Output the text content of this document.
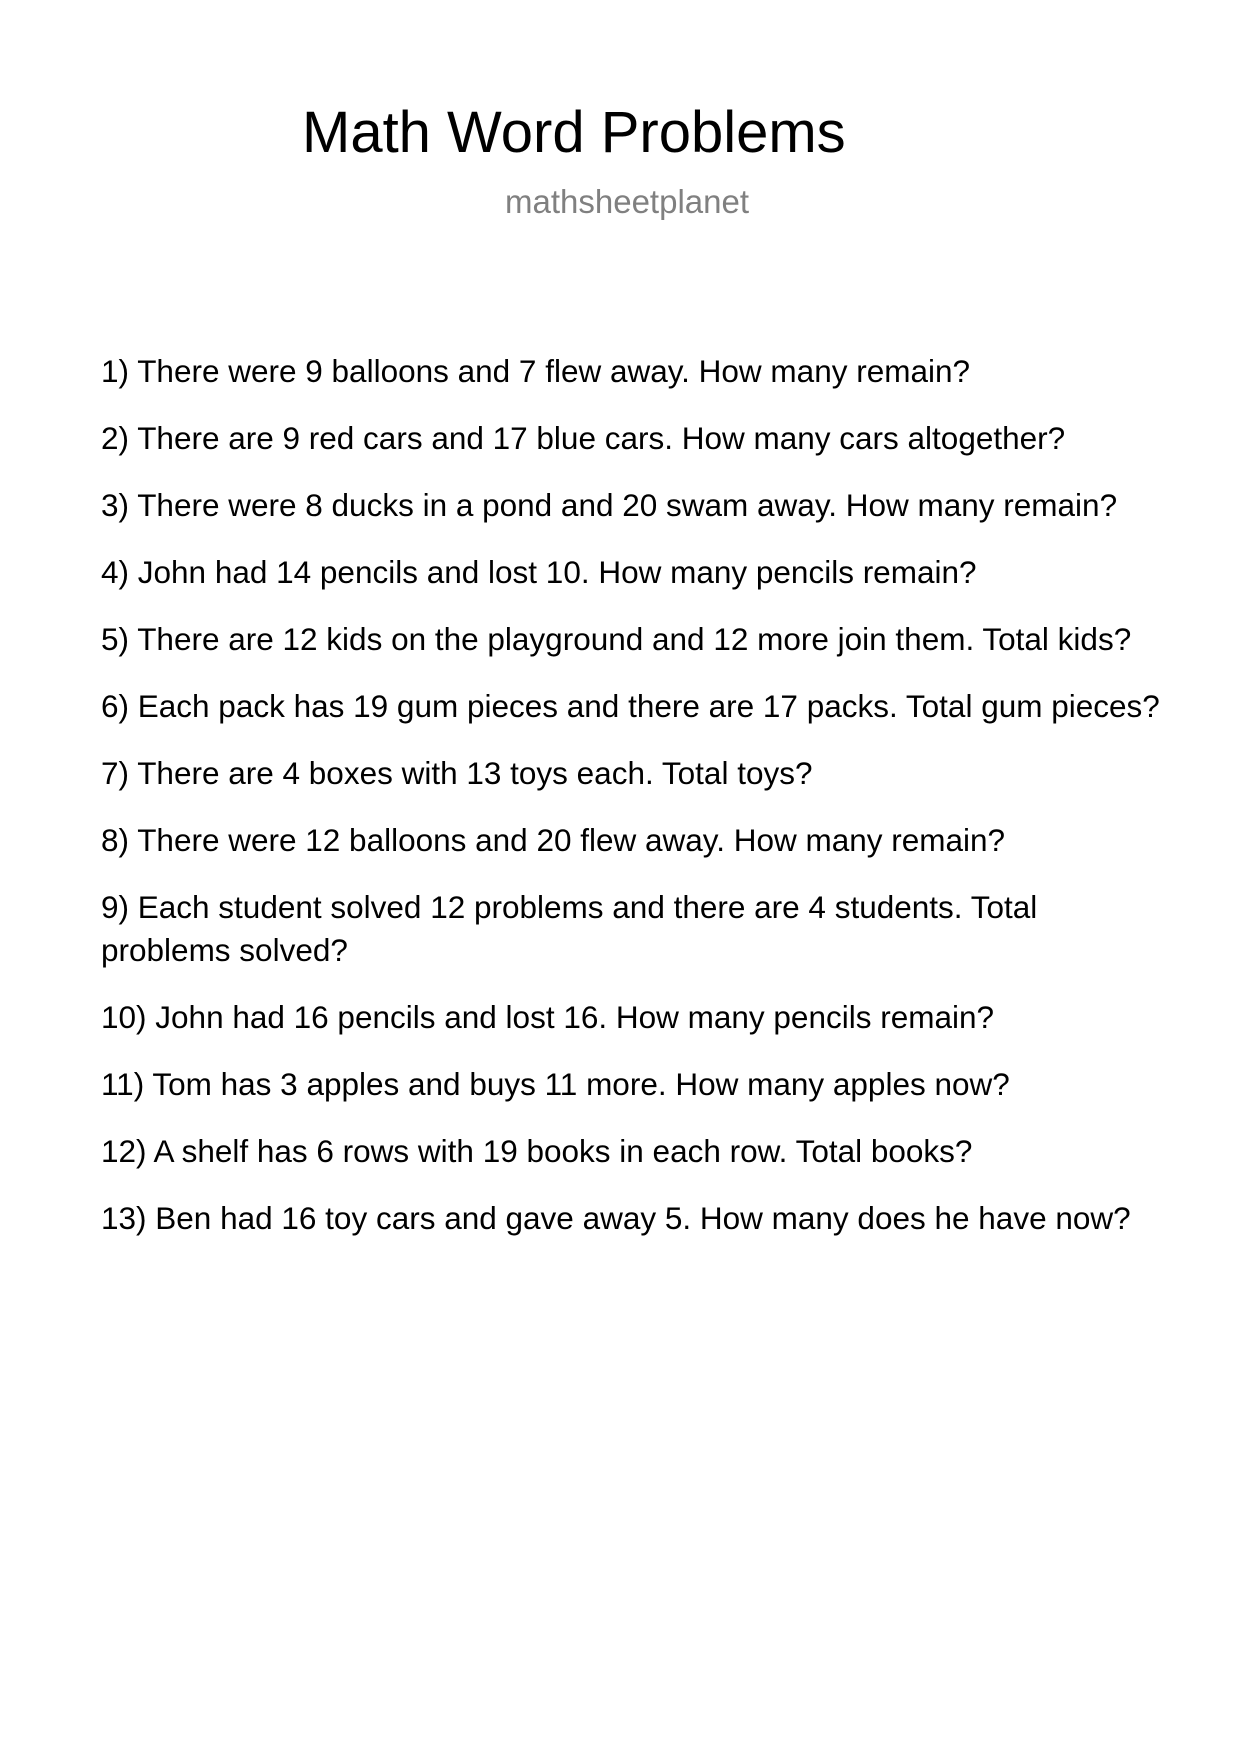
Math Word Problems
mathsheetplanet
1) There were 9 balloons and 7 flew away. How many remain?
2) There are 9 red cars and 17 blue cars. How many cars altogether?
3) There were 8 ducks in a pond and 20 swam away. How many remain?
4) John had 14 pencils and lost 10. How many pencils remain?
5) There are 12 kids on the playground and 12 more join them. Total kids?
6) Each pack has 19 gum pieces and there are 17 packs. Total gum pieces?
7) There are 4 boxes with 13 toys each. Total toys?
8) There were 12 balloons and 20 flew away. How many remain?
9) Each student solved 12 problems and there are 4 students. Total problems solved?
10) John had 16 pencils and lost 16. How many pencils remain?
11) Tom has 3 apples and buys 11 more. How many apples now?
12) A shelf has 6 rows with 19 books in each row. Total books?
13) Ben had 16 toy cars and gave away 5. How many does he have now?
